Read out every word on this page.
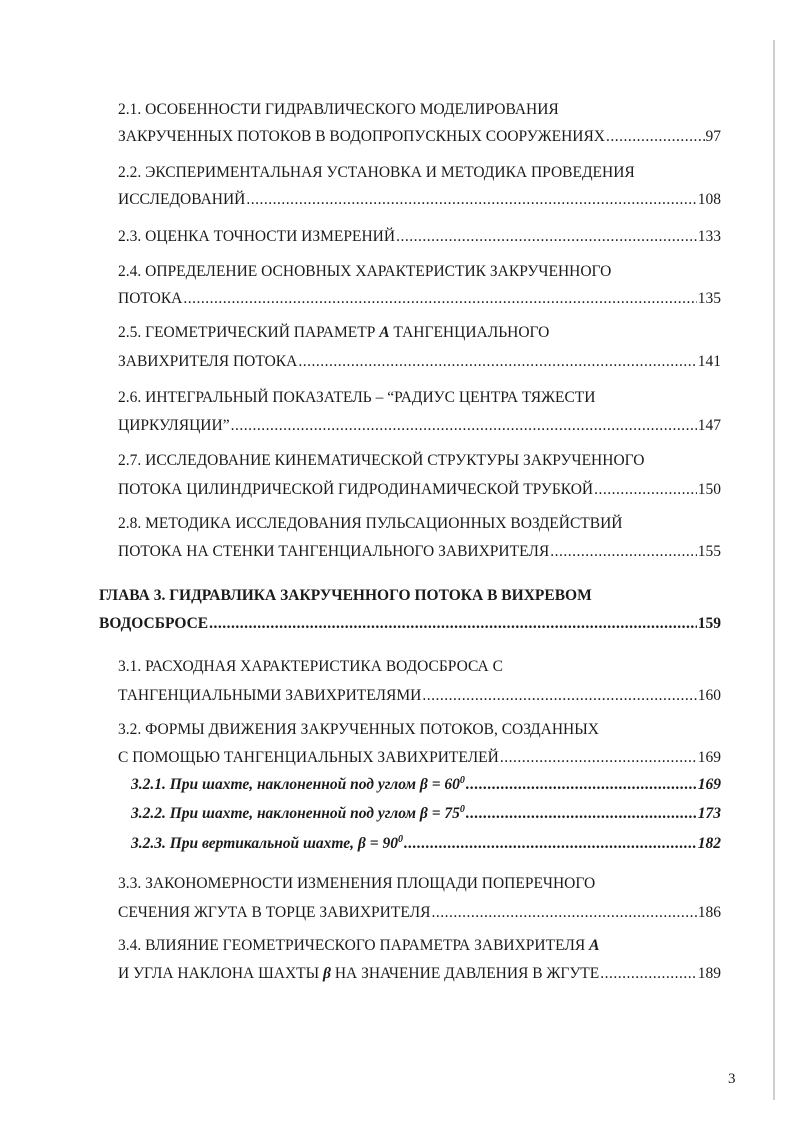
2.1. ОСОБЕННОСТИ ГИДРАВЛИЧЕСКОГО МОДЕЛИРОВАНИЯ
ЗАКРУЧЕННЫХ ПОТОКОВ В ВОДОПРОПУСКНЫХ СООРУЖЕНИЯХ .....	97
2.2. ЭКСПЕРИМЕНТАЛЬНАЯ УСТАНОВКА И МЕТОДИКА ПРОВЕДЕНИЯ
ИССЛЕДОВАНИЙ .....	108
2.3. ОЦЕНКА ТОЧНОСТИ ИЗМЕРЕНИЙ .....	133
2.4. ОПРЕДЕЛЕНИЕ ОСНОВНЫХ ХАРАКТЕРИСТИК ЗАКРУЧЕННОГО
ПОТОКА .....	135
2.5. ГЕОМЕТРИЧЕСКИЙ ПАРАМЕТР A ТАНГЕНЦИАЛЬНОГО
ЗАВИХРИТЕЛЯ ПОТОКА .....	141
2.6. ИНТЕГРАЛЬНЫЙ ПОКАЗАТЕЛЬ – “РАДИУС ЦЕНТРА ТЯЖЕСТИ
ЦИРКУЛЯЦИИ” .....	147
2.7. ИССЛЕДОВАНИЕ КИНЕМАТИЧЕСКОЙ СТРУКТУРЫ ЗАКРУЧЕННОГО
ПОТОКА ЦИЛИНДРИЧЕСКОЙ ГИДРОДИНАМИЧЕСКОЙ ТРУБКОЙ .....	150
2.8. МЕТОДИКА ИССЛЕДОВАНИЯ ПУЛЬСАЦИОННЫХ ВОЗДЕЙСТВИЙ
ПОТОКА НА СТЕНКИ ТАНГЕНЦИАЛЬНОГО ЗАВИХРИТЕЛЯ .....	155
ГЛАВА 3. ГИДРАВЛИКА ЗАКРУЧЕННОГО ПОТОКА В ВИХРЕВОМ
ВОДОСБРОСЕ .....	159
3.1. РАСХОДНАЯ ХАРАКТЕРИСТИКА ВОДОСБРОСА С
ТАНГЕНЦИАЛЬНЫМИ ЗАВИХРИТЕЛЯМИ .....	160
3.2. ФОРМЫ ДВИЖЕНИЯ ЗАКРУЧЕННЫХ ПОТОКОВ, СОЗДАННЫХ
С ПОМОЩЬЮ ТАНГЕНЦИАЛЬНЫХ ЗАВИХРИТЕЛЕЙ .....	169
3.2.1. При шахте, наклоненной под углом $\beta = 60^0$ .....	169
3.2.2. При шахте, наклоненной под углом $\beta = 75^0$ .....	173
3.2.3. При вертикальной шахте, $\beta = 90^0$ .....	182
3.3. ЗАКОНОМЕРНОСТИ ИЗМЕНЕНИЯ ПЛОЩАДИ ПОПЕРЕЧНОГО
СЕЧЕНИЯ ЖГУТА В ТОРЦЕ ЗАВИХРИТЕЛЯ .....	186
3.4. ВЛИЯНИЕ ГЕОМЕТРИЧЕСКОГО ПАРАМЕТРА ЗАВИХРИТЕЛЯ A
И УГЛА НАКЛОНА ШАХТЫ β НА ЗНАЧЕНИЕ ДАВЛЕНИЯ В ЖГУТЕ .....	189
3
